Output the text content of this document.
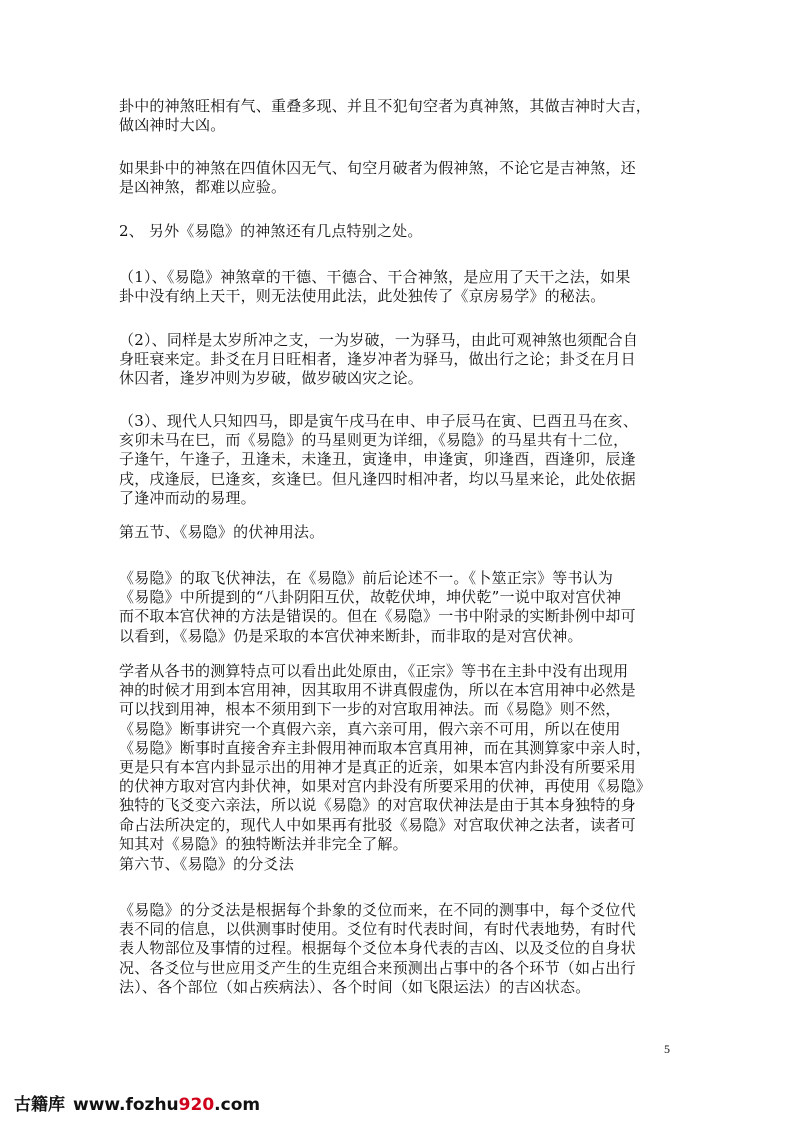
卦中的神煞旺相有气、重叠多现、并且不犯旬空者为真神煞，其做吉神时大吉，
做凶神时大凶。
如果卦中的神煞在四值休囚无气、旬空月破者为假神煞，不论它是吉神煞，还
是凶神煞，都难以应验。
2、 另外《易隐》的神煞还有几点特别之处。
（1）、《易隐》神煞章的干德、干德合、干合神煞，是应用了天干之法，如果
卦中没有纳上天干，则无法使用此法，此处独传了《京房易学》的秘法。
（2）、同样是太岁所冲之支，一为岁破，一为驿马，由此可观神煞也须配合自
身旺衰来定。卦爻在月日旺相者，逢岁冲者为驿马，做出行之论；卦爻在月日
休囚者，逢岁冲则为岁破，做岁破凶灾之论。
（3）、现代人只知四马，即是寅午戌马在申、申子辰马在寅、巳酉丑马在亥、
亥卯未马在巳，而《易隐》的马星则更为详细，《易隐》的马星共有十二位，
子逢午，午逢子，丑逢未，未逢丑，寅逢申，申逢寅，卯逢酉，酉逢卯，辰逢
戌，戌逢辰，巳逢亥，亥逢巳。但凡逢四时相冲者，均以马星来论，此处依据
了逢冲而动的易理。
第五节、《易隐》的伏神用法。
《易隐》的取飞伏神法，在《易隐》前后论述不一。《卜筮正宗》等书认为
《易隐》中所提到的“八卦阴阳互伏，故乾伏坤，坤伏乾”一说中取对宫伏神
而不取本宫伏神的方法是错误的。但在《易隐》一书中附录的实断卦例中却可
以看到，《易隐》仍是采取的本宫伏神来断卦，而非取的是对宫伏神。
学者从各书的测算特点可以看出此处原由，《正宗》等书在主卦中没有出现用
神的时候才用到本宫用神，因其取用不讲真假虚伪，所以在本宫用神中必然是
可以找到用神，根本不须用到下一步的对宫取用神法。而《易隐》则不然，
《易隐》断事讲究一个真假六亲，真六亲可用，假六亲不可用，所以在使用
《易隐》断事时直接舍弃主卦假用神而取本宫真用神，而在其测算家中亲人时，
更是只有本宫内卦显示出的用神才是真正的近亲，如果本宫内卦没有所要采用
的伏神方取对宫内卦伏神，如果对宫内卦没有所要采用的伏神，再使用《易隐》
独特的飞爻变六亲法，所以说《易隐》的对宫取伏神法是由于其本身独特的身
命占法所决定的，现代人中如果再有批驳《易隐》对宫取伏神之法者，读者可
知其对《易隐》的独特断法并非完全了解。
第六节、《易隐》的分爻法
《易隐》的分爻法是根据每个卦象的爻位而来，在不同的测事中，每个爻位代
表不同的信息，以供测事时使用。爻位有时代表时间，有时代表地势，有时代
表人物部位及事情的过程。根据每个爻位本身代表的吉凶、以及爻位的自身状
况、各爻位与世应用爻产生的生克组合来预测出占事中的各个环节（如占出行
法）、各个部位（如占疾病法）、各个时间（如飞限运法）的吉凶状态。
5
古籍库 www.fozhu920.com
